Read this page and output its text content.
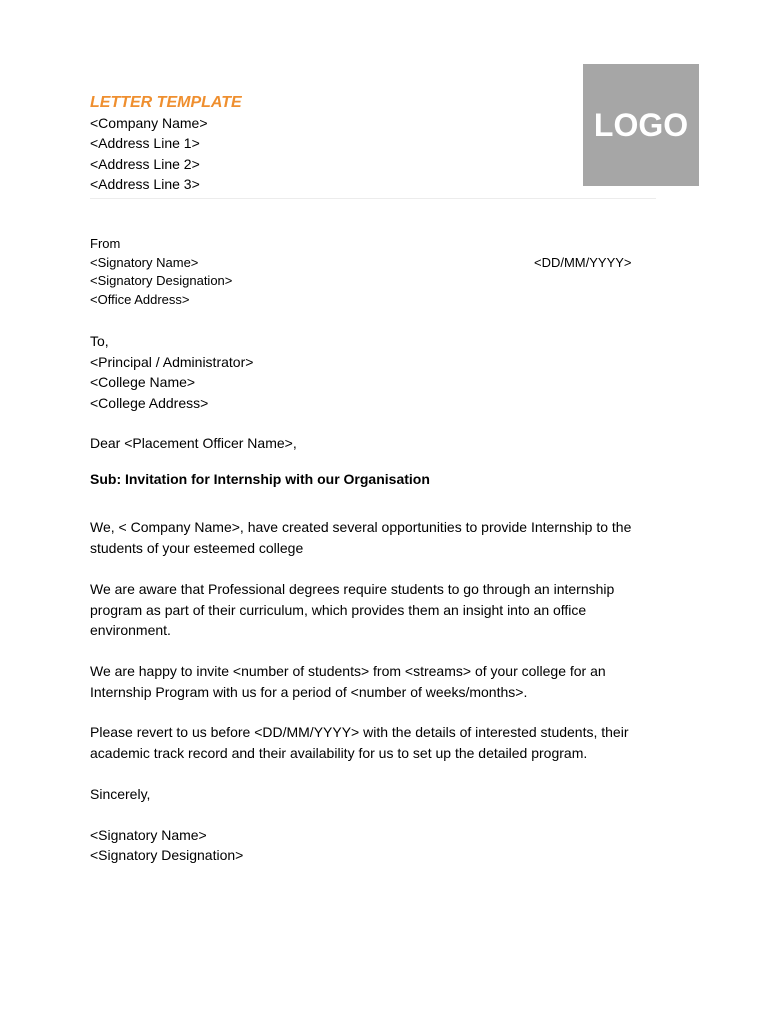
LETTER TEMPLATE
<Company Name>
<Address Line 1>
<Address Line 2>
<Address Line 3>
LOGO
From
<Signatory Name>
<Signatory Designation>
<Office Address>
<DD/MM/YYYY>
To,
<Principal / Administrator>
<College Name>
<College Address>
Dear <Placement Officer Name>,
Sub: Invitation for Internship with our Organisation
We, < Company Name>, have created several opportunities to provide Internship to the
students of your esteemed college
We are aware that Professional degrees require students to go through an internship
program as part of their curriculum, which provides them an insight into an office
environment.
We are happy to invite <number of students> from <streams> of your college for an
Internship Program with us for a period of <number of weeks/months>.
Please revert to us before <DD/MM/YYYY> with the details of interested students, their
academic track record and their availability for us to set up the detailed program.
Sincerely,
<Signatory Name>
<Signatory Designation>
